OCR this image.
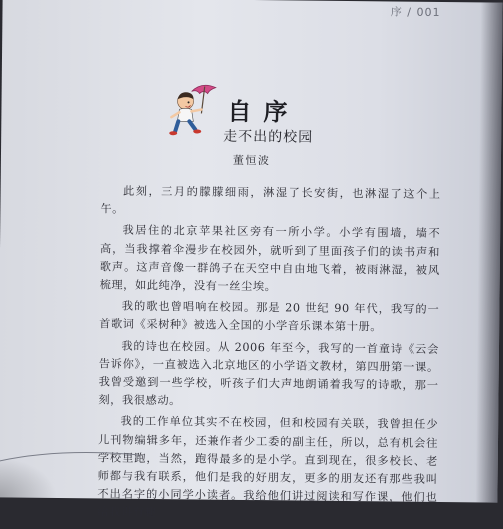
序 / 001
自序
走不出的校园
董恒波

此刻，三月的朦朦细雨，淋湿了长安街，也淋湿了这个上午。

我居住的北京苹果社区旁有一所小学。小学有围墙，墙不高，当我撑着伞漫步在校园外，就听到了里面孩子们的读书声和歌声。这声音像一群鸽子在天空中自由地飞着，被雨淋湿，被风梳理，如此纯净，没有一丝尘埃。

我的歌也曾唱响在校园。那是 20 世纪 90 年代，我写的一首歌词《采树种》被选入全国的小学音乐课本第十册。

我的诗也在校园。从 2006 年至今，我写的一首童诗《云会告诉你》，一直被选入北京地区的小学语文教材，第四册第一课。我曾受邀到一些学校，听孩子们大声地朗诵着我写的诗歌，那一刻，我很感动。

我的工作单位其实不在校园，但和校园有关联，我曾担任少儿刊物编辑多年，还兼作者少工委的副主任，所以，总有机会往学校里跑，当然，跑得最多的是小学。直到现在，很多校长、老师都与我有联系，他们是我的好朋友，更多的朋友还有那些我叫不出名字的小同学小读者。我给他们讲过阅读和写作课，他们也给我讲有趣
